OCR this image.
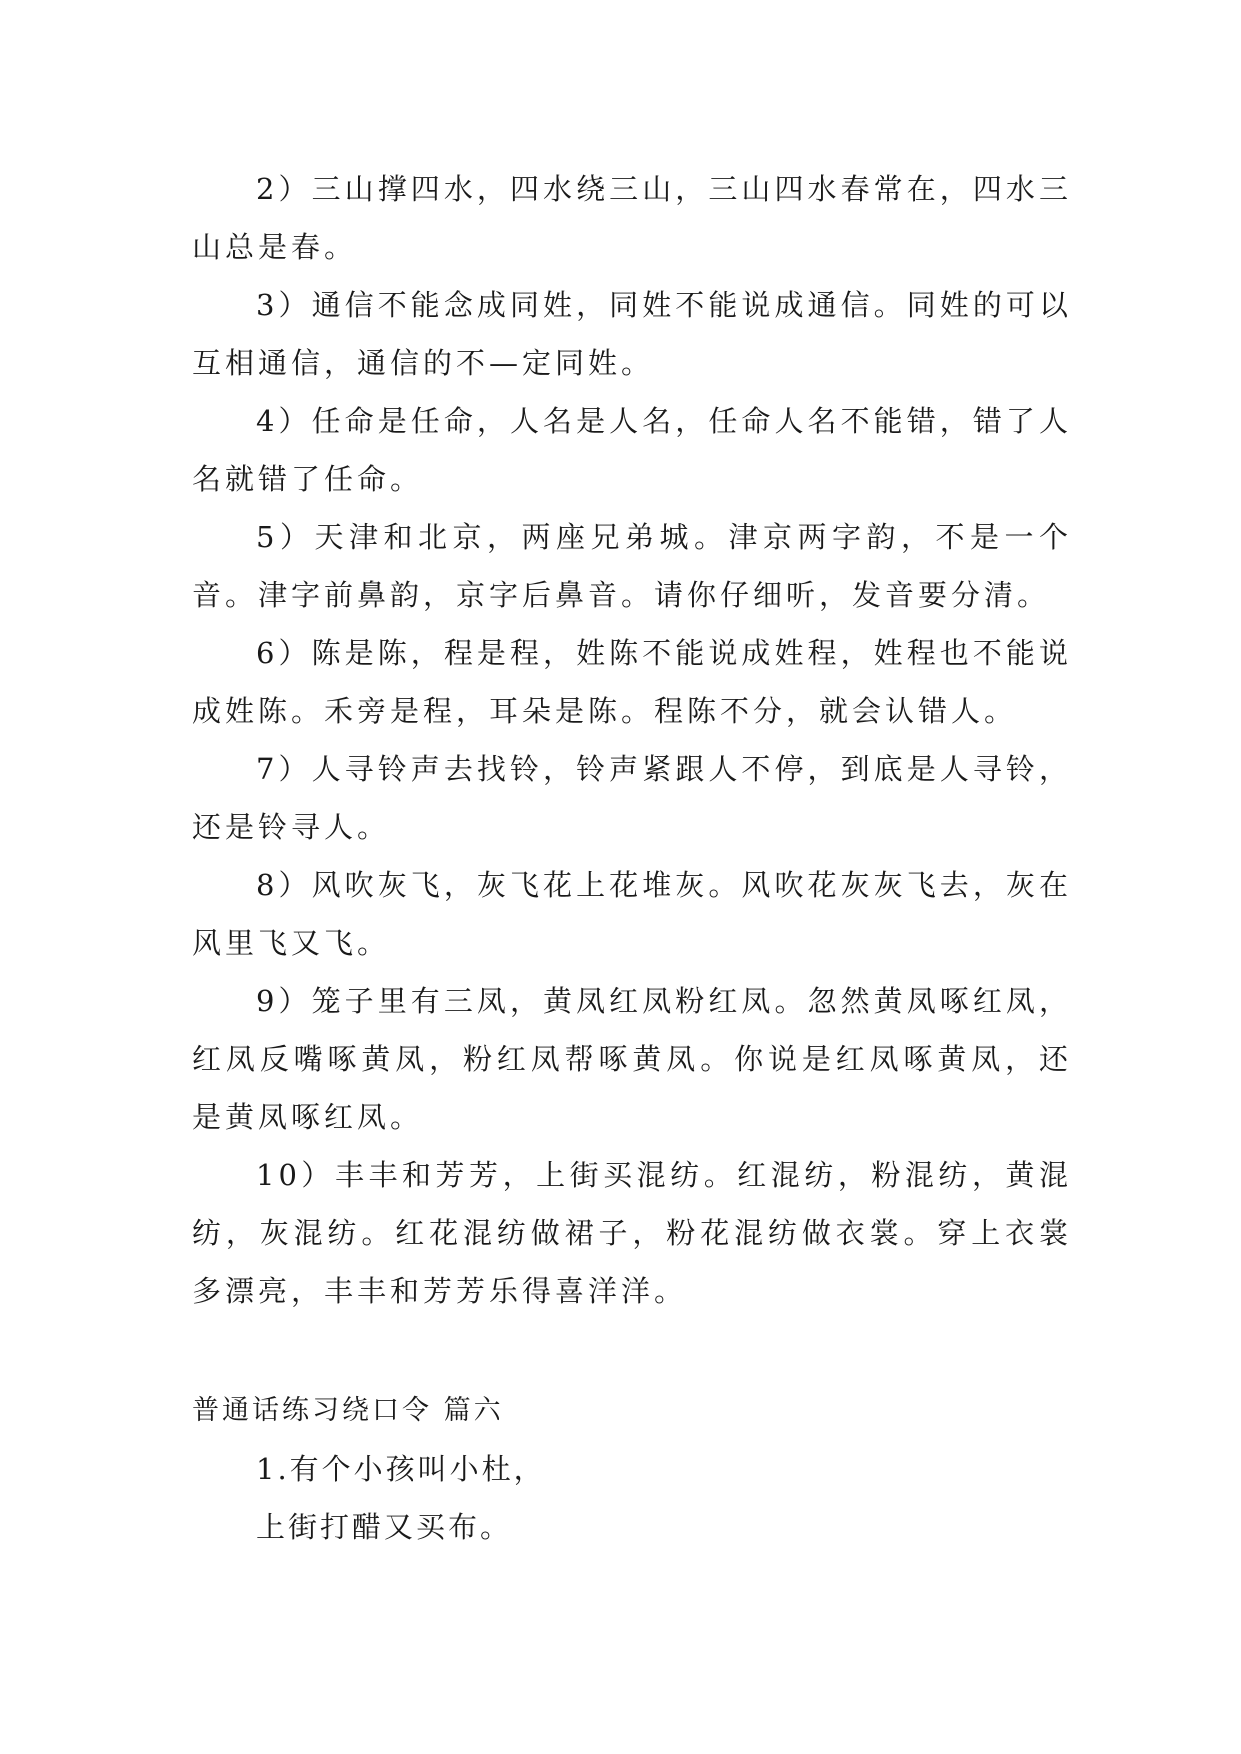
2）三山撑四水，四水绕三山，三山四水春常在，四水三山总是春。

3）通信不能念成同姓，同姓不能说成通信。同姓的可以互相通信，通信的不—定同姓。

4）任命是任命，人名是人名，任命人名不能错，错了人名就错了任命。

5）天津和北京，两座兄弟城。津京两字韵，不是一个音。津字前鼻韵，京字后鼻音。请你仔细听，发音要分清。

6）陈是陈，程是程，姓陈不能说成姓程，姓程也不能说成姓陈。禾旁是程，耳朵是陈。程陈不分，就会认错人。

7）人寻铃声去找铃，铃声紧跟人不停，到底是人寻铃，还是铃寻人。

8）风吹灰飞，灰飞花上花堆灰。风吹花灰灰飞去，灰在风里飞又飞。

9）笼子里有三凤，黄凤红凤粉红凤。忽然黄凤啄红凤，红凤反嘴啄黄凤，粉红凤帮啄黄凤。你说是红凤啄黄凤，还是黄凤啄红凤。

10）丰丰和芳芳，上街买混纺。红混纺，粉混纺，黄混纺，灰混纺。红花混纺做裙子，粉花混纺做衣裳。穿上衣裳多漂亮，丰丰和芳芳乐得喜洋洋。

普通话练习绕口令 篇六

1.有个小孩叫小杜，

上街打醋又买布。
